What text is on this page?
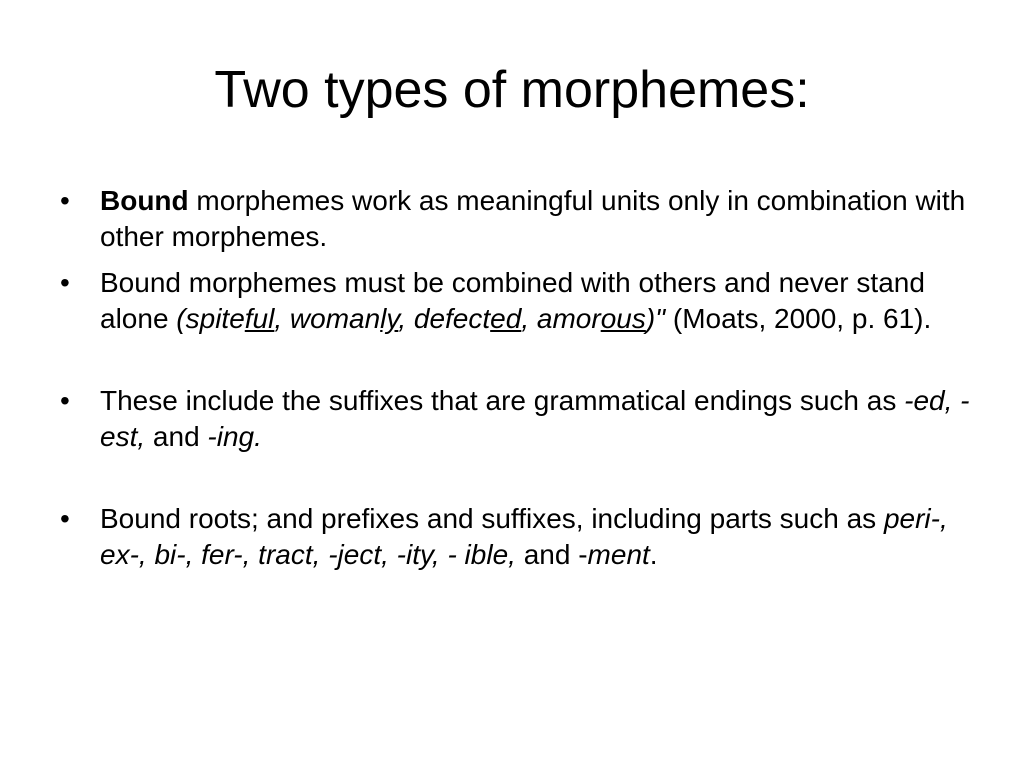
Two types of morphemes:
•	Bound morphemes work as meaningful units only in combination with other morphemes.
•	Bound morphemes must be combined with others and never stand alone (spiteful, womanly, defected, amorous)" (Moats, 2000, p. 61).
•	These include the suffixes that are grammatical endings such as -ed, -est, and -ing.
•	Bound roots; and prefixes and suffixes, including parts such as peri-, ex-, bi-, fer-, tract, -ject, -ity, - ible, and -ment.
